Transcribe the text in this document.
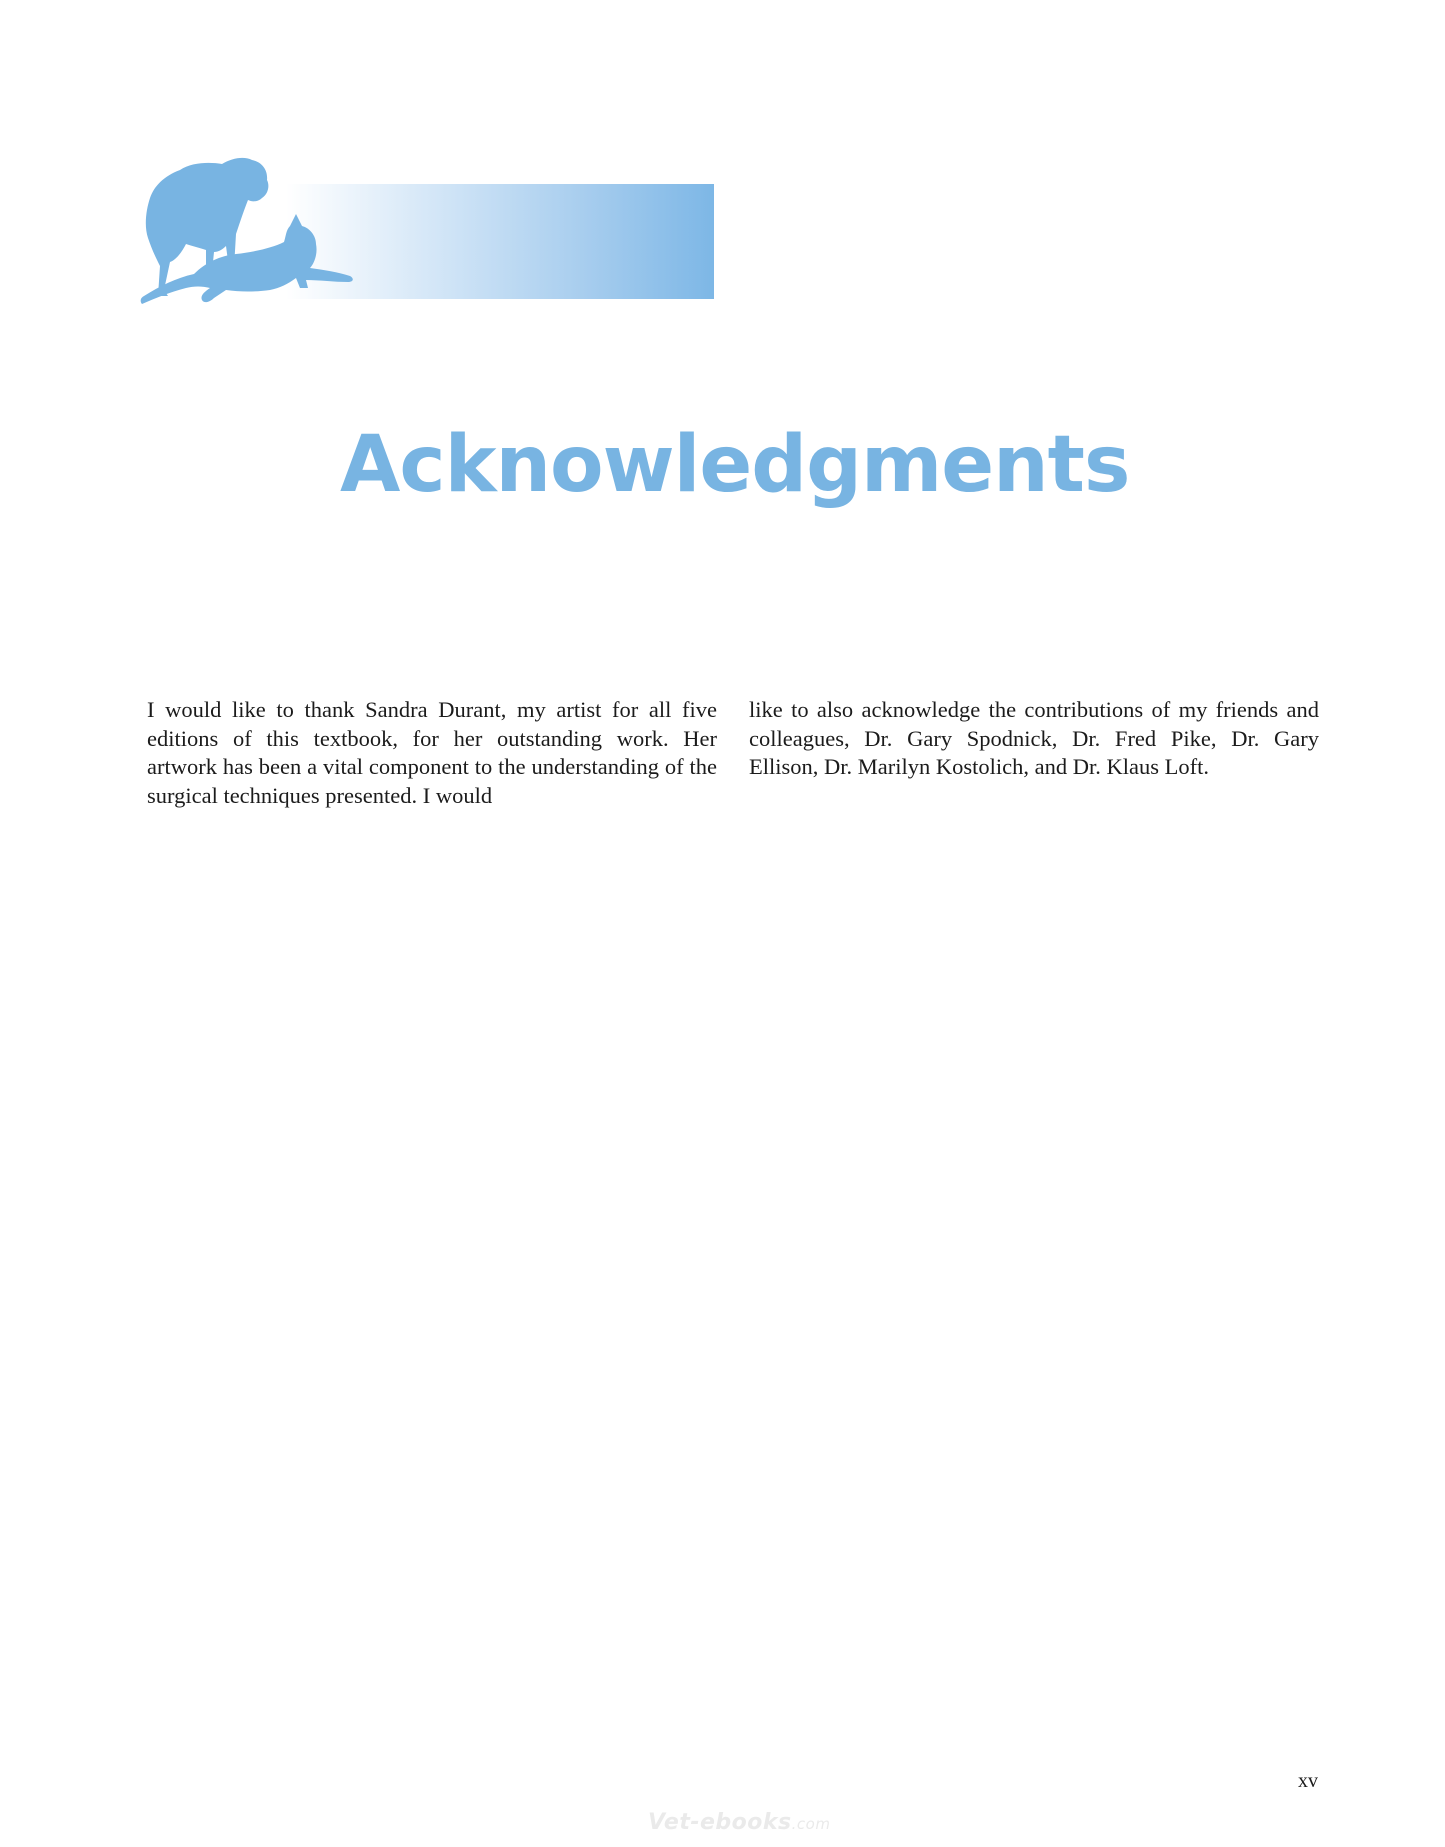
Acknowledgments
I would like to thank Sandra Durant, my artist for all five editions of this textbook, for her outstanding work. Her artwork has been a vital component to the understanding of the surgical techniques presented. I would
like to also acknowledge the contributions of my friends and colleagues, Dr. Gary Spodnick, Dr. Fred Pike, Dr. Gary Ellison, Dr. Marilyn Kostolich, and Dr. Klaus Loft.
xv
Vet-ebooks.com
